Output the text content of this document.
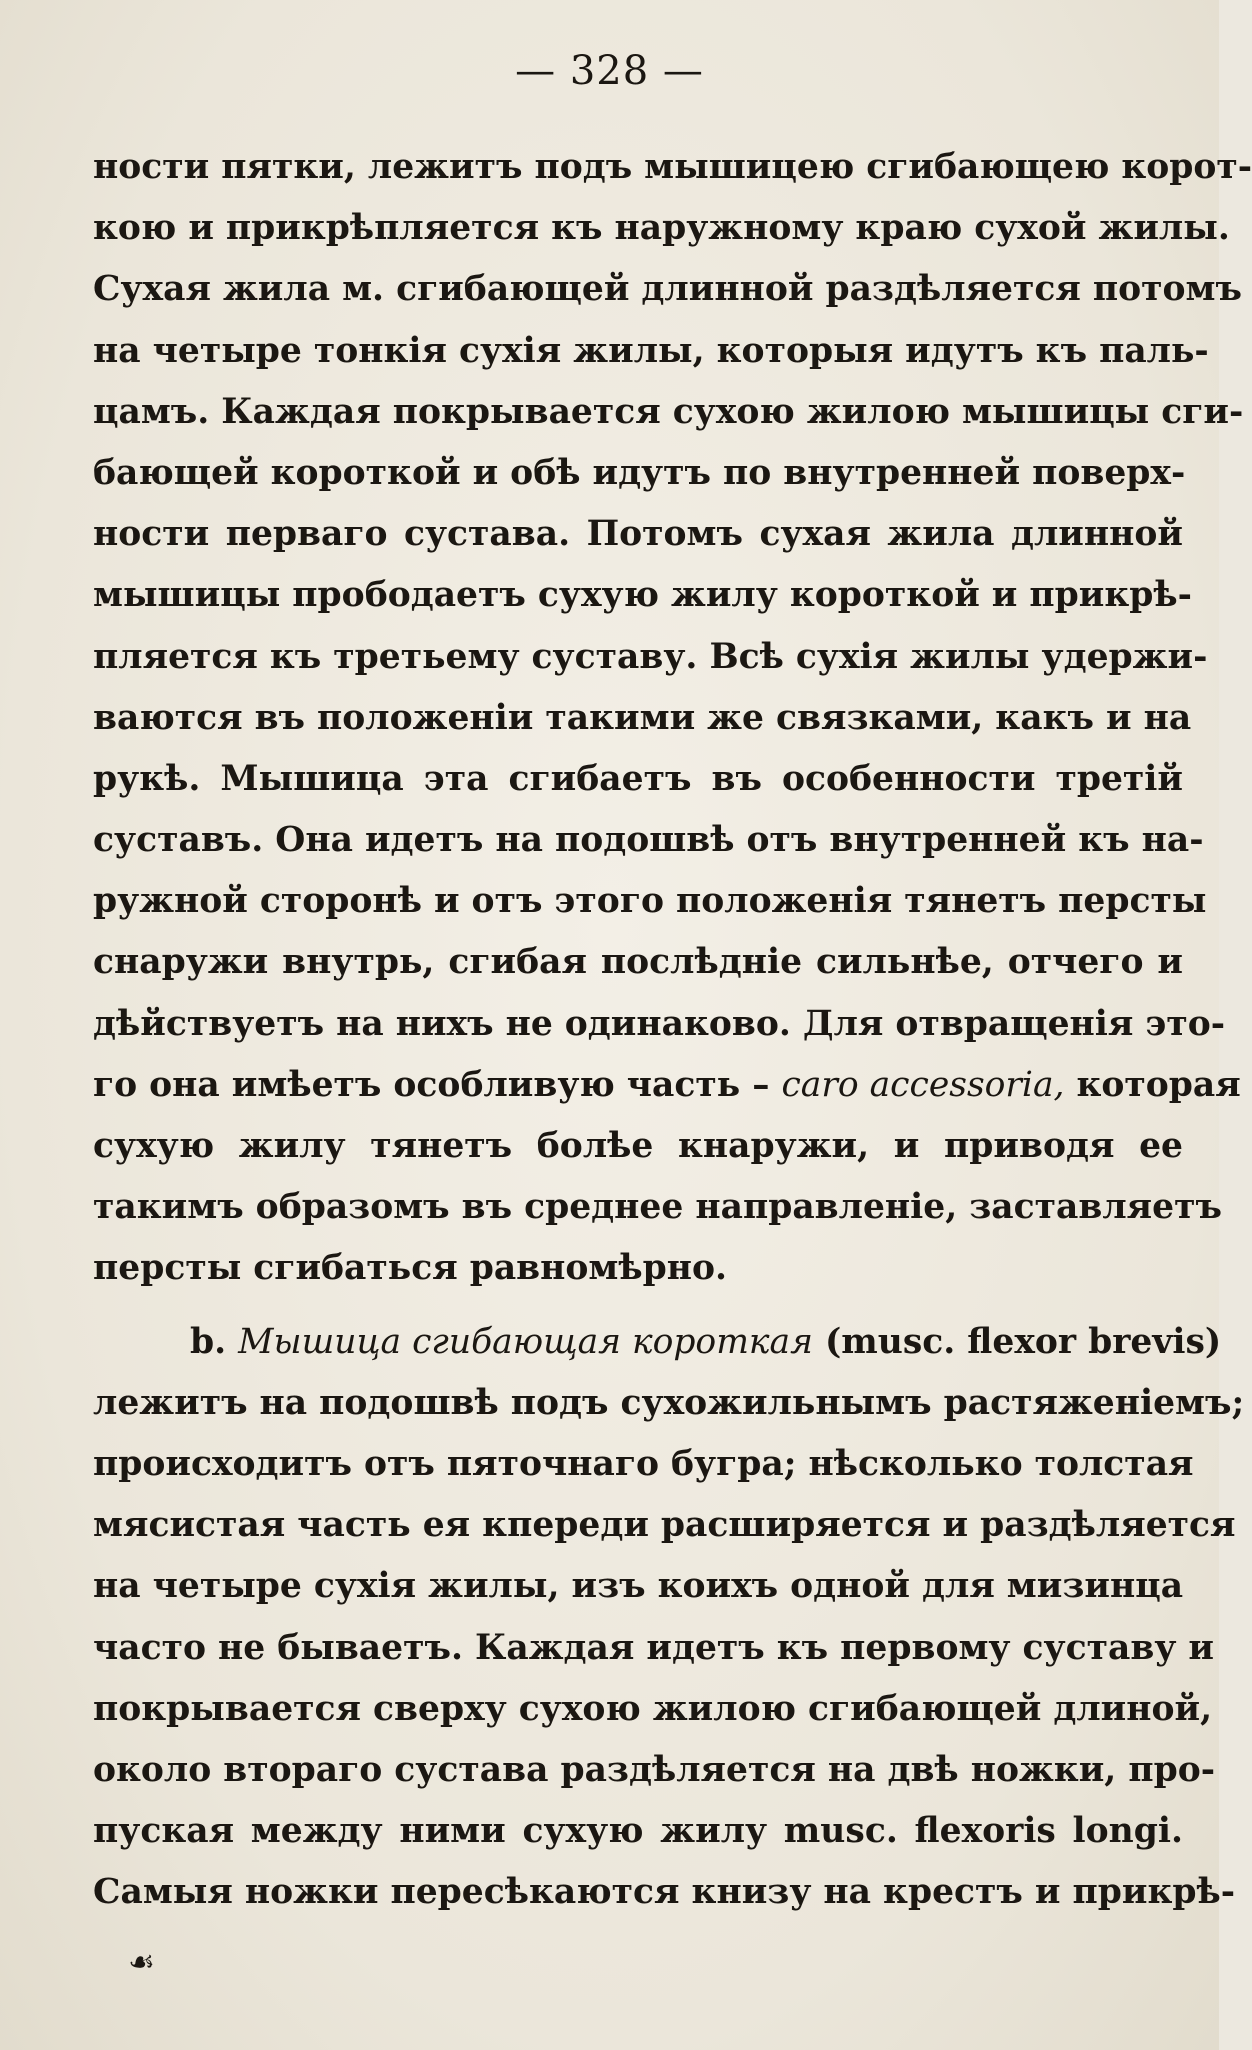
— 328 —
ности пятки, лежитъ подъ мышицею сгибающею корот-
кою и прикрѣпляется къ наружному краю сухой жилы.
Сухая жила м. сгибающей длинной раздѣляется потомъ
на четыре тонкія сухія жилы, которыя идутъ къ паль-
цамъ. Каждая покрывается сухою жилою мышицы сги-
бающей короткой и обѣ идутъ по внутренней поверх-
ности перваго сустава. Потомъ сухая жила длинной
мышицы прободаетъ сухую жилу короткой и прикрѣ-
пляется къ третьему суставу. Всѣ сухія жилы удержи-
ваются въ положеніи такими же связками, какъ и на
рукѣ. Мышица эта сгибаетъ въ особенности третій
суставъ. Она идетъ на подошвѣ отъ внутренней къ на-
ружной сторонѣ и отъ этого положенія тянетъ персты
снаружи внутрь, сгибая послѣдніе сильнѣе, отчего и
дѣйствуетъ на нихъ не одинаково. Для отвращенія это-
го она имѣетъ особливую часть – caro accessoria, которая
сухую жилу тянетъ болѣе кнаружи, и приводя ее
такимъ образомъ въ среднее направленіе, заставляетъ
персты сгибаться равномѣрно.
b. Мышица сгибающая короткая (musc. flexor brevis)
лежитъ на подошвѣ подъ сухожильнымъ растяженіемъ;
происходитъ отъ пяточнаго бугра; нѣсколько толстая
мясистая часть ея кпереди расширяется и раздѣляется
на четыре сухія жилы, изъ коихъ одной для мизинца
часто не бываетъ. Каждая идетъ къ первому суставу и
покрывается сверху сухою жилою сгибающей длиной,
около втораго сустава раздѣляется на двѣ ножки, про-
пуская между ними сухую жилу musc. flexoris longi.
Самыя ножки пересѣкаются книзу на крестъ и прикрѣ-
☙
